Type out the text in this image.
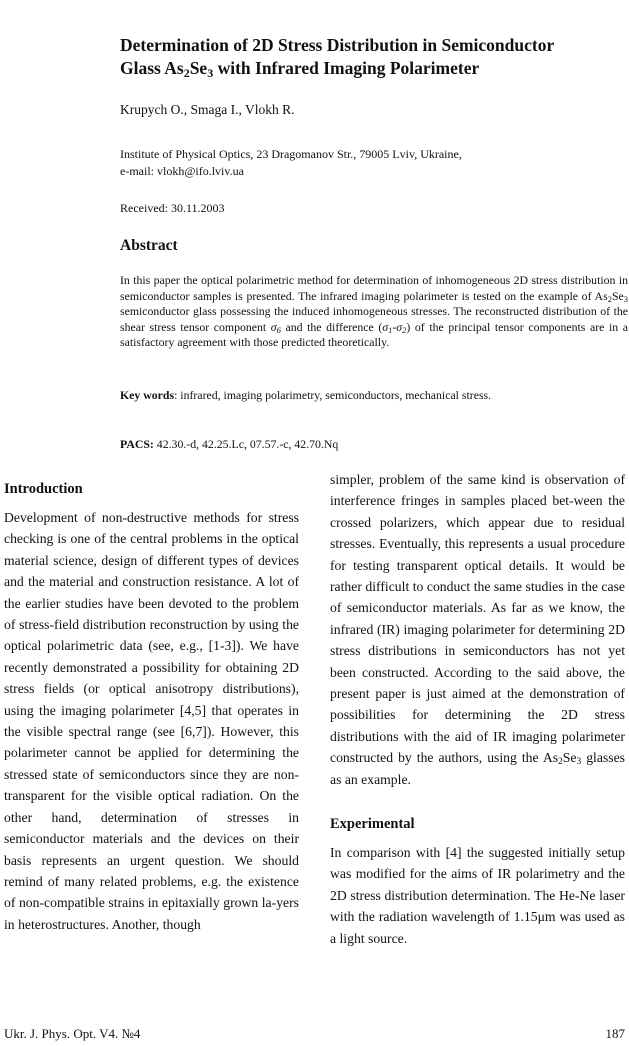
Determination of 2D Stress Distribution in Semiconductor
Glass $As_2Se_3$ with Infrared Imaging Polarimeter
Krupych O., Smaga I., Vlokh R.
Institute of Physical Optics, 23 Dragomanov Str., 79005 Lviv, Ukraine,
e-mail: vlokh@ifo.lviv.ua
Received: 30.11.2003
Abstract
In this paper the optical polarimetric method for determination of inhomogeneous 2D stress distribution in semiconductor samples is presented. The infrared imaging polarimeter is tested on the example of $As_2Se_3$ semiconductor glass possessing the induced inhomogeneous stresses. The reconstructed distribution of the shear stress tensor component $\sigma_6$ and the difference $(\sigma_1-\sigma_2)$ of the principal tensor components are in a satisfactory agreement with those predicted theoretically.
Key words: infrared, imaging polarimetry, semiconductors, mechanical stress.
PACS: 42.30.-d, 42.25.Lc, 07.57.-c, 42.70.Nq
Introduction

Development of non-destructive methods for stress checking is one of the central problems in the optical material science, design of different types of devices and the material and construction resistance. A lot of the earlier studies have been devoted to the problem of stress-field distribution reconstruction by using the optical polarimetric data (see, e.g., [1-3]). We have recently demonstrated a possibility for obtaining 2D stress fields (or optical anisotropy distributions), using the imaging polarimeter [4,5] that operates in the visible spectral range (see [6,7]). However, this polarimeter cannot be applied for determining the stressed state of semiconductors since they are non-transparent for the visible optical radiation. On the other hand, determination of stresses in semiconductor materials and the devices on their basis represents an urgent question. We should remind of many related problems, e.g. the existence of non-compatible strains in epitaxially grown la-yers in heterostructures. Another, though

simpler, problem of the same kind is observation of interference fringes in samples placed bet-ween the crossed polarizers, which appear due to residual stresses. Eventually, this represents a usual procedure for testing transparent optical details. It would be rather difficult to conduct the same studies in the case of semiconductor materials. As far as we know, the infrared (IR) imaging polarimeter for determining 2D stress distributions in semiconductors has not yet been constructed. According to the said above, the present paper is just aimed at the demonstration of possibilities for determining the 2D stress distributions with the aid of IR imaging polarimeter constructed by the authors, using the $As_2Se_3$ glasses as an example.

Experimental

In comparison with [4] the suggested initially setup was modified for the aims of IR polarimetry and the 2D stress distribution determination. The He-Ne laser with the radiation wavelength of 1.15μm was used as a light source.

Ukr. J. Phys. Opt. V4. №4	187
